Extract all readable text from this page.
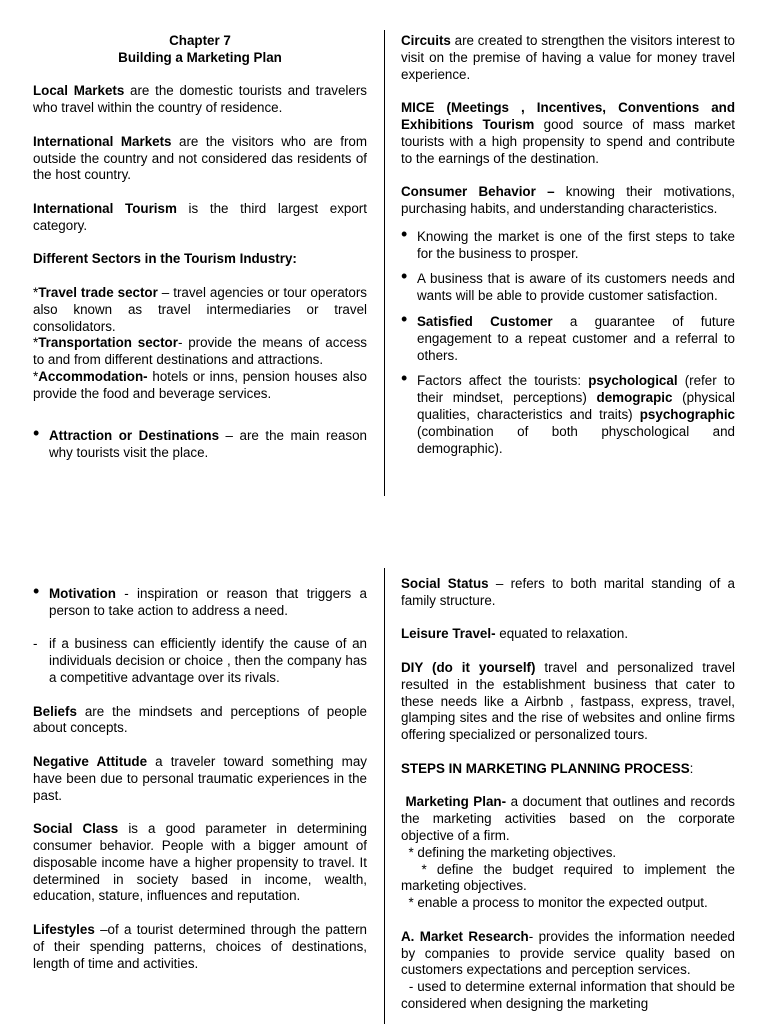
Chapter 7

Building a Marketing Plan

Local Markets are the domestic tourists and travelers who travel within the country of residence.

International Markets are the visitors who are from outside the country and not considered das residents of the host country.

International Tourism is the third largest export category.

Different Sectors in the Tourism Industry:

*Travel trade sector – travel agencies or tour operators also known as travel intermediaries or travel consolidators.

*Transportation sector- provide the means of access to and from different destinations and attractions.

*Accommodation- hotels or inns, pension houses also provide the food and beverage services.

• Attraction or Destinations – are the main reason why tourists visit the place.

Circuits are created to strengthen the visitors interest to visit on the premise of having a value for money travel experience.

MICE (Meetings , Incentives, Conventions and Exhibitions Tourism good source of mass market tourists with a high propensity to spend and contribute to the earnings of the destination.

Consumer Behavior – knowing their motivations, purchasing habits, and understanding characteristics.

• Knowing the market is one of the first steps to take for the business to prosper.

• A business that is aware of its customers needs and wants will be able to provide customer satisfaction.

• Satisfied Customer a guarantee of future engagement to a repeat customer and a referral to others.

• Factors affect the tourists: psychological (refer to their mindset, perceptions) demograpic (physical qualities, characteristics and traits) psychographic (combination of both physchological and demographic).

• Motivation - inspiration or reason that triggers a person to take action to address a need.

- if a business can efficiently identify the cause of an individuals decision or choice , then the company has a competitive advantage over its rivals.

Beliefs are the mindsets and perceptions of people about concepts.

Negative Attitude a traveler toward something may have been due to personal traumatic experiences in the past.

Social Class is a good parameter in determining consumer behavior. People with a bigger amount of disposable income have a higher propensity to travel. It determined in society based in income, wealth, education, stature, influences and reputation.

Lifestyles –of a tourist determined through the pattern of their spending patterns, choices of destinations, length of time and activities.

Social Status – refers to both marital standing of a family structure.

Leisure Travel- equated to relaxation.

DIY (do it yourself) travel and personalized travel resulted in the establishment business that cater to these needs like a Airbnb , fastpass, express, travel, glamping sites and the rise of websites and online firms offering specialized or personalized tours.

STEPS IN MARKETING PLANNING PROCESS:

Marketing Plan- a document that outlines and records the marketing activities based on the corporate objective of a firm.

* defining the marketing objectives.

* define the budget required to implement the marketing objectives.

* enable a process to monitor the expected output.

A. Market Research- provides the information needed by companies to provide service quality based on customers expectations and perception services.

- used to determine external information that should be considered when designing the marketing
